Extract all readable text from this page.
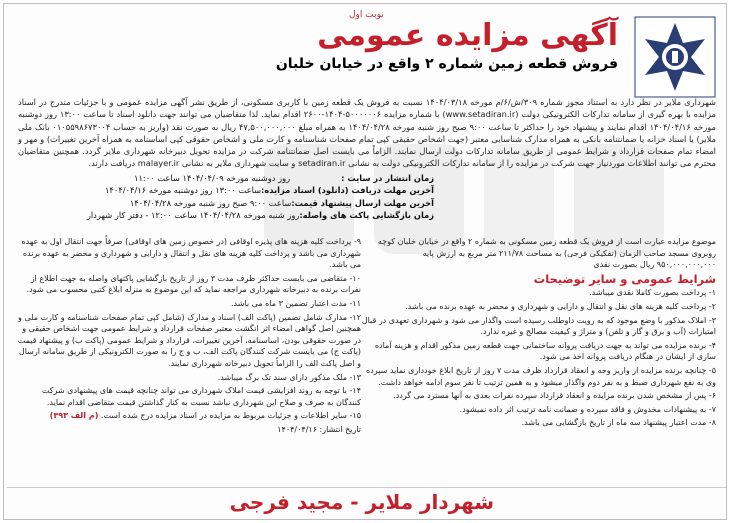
نوبت اول
آگهی مزایده عمومی
فروش قطعه زمین شماره ۲ واقع در خیابان خلبان
شهرداری ملایر در نظر دارد به استناد مجوز شماره ۳۰۹/ش/۶/م مورخه ۱۴۰۴/۰۳/۱۸ نسبت به فروش یک قطعه زمین با کاربری مسکونی، از طریق نشر آگهی مزایده عمومی و با جزئیات مندرج در اسناد مزایده با بهره گیری از سامانه تدارکات الکترونیکی دولت (www.setadiran.ir) با شماره مزایده ۵۰۰۰۰۰۰۶-۱۴۰۴-۲۶۰۰ اقدام نماید. لذا متقاضیان می توانند جهت دانلود اسناد تا ساعت ۱۳:۰۰ روز دوشنبه مورخه ۱۴۰۴/۰۴/۱۶ اقدام نمایند و پیشنهاد خود را حداکثر تا ساعت ۹:۰۰ صبح روز شنبه مورخه ۱۴۰۴/۰۴/۲۸ به همراه مبلغ ۴۷,۵۰۰,۰۰۰,۰۰۰ ریال به صورت نقد (واریز به حساب ۰۱۰۵۵۹۸۶۷۳۰۰۴ بانک ملی ملایر) یا اسناد خزانه یا ضمانتنامه بانکی به همراه مدارک شناسایی معتبر (جهت اشخاص حقیقی کپی تمام صفحات شناسنامه و کارت ملی و اشخاص حقوقی کپی اساسنامه به همراه آخرین تغییرات) و مهر و امضاء تمام صفحات قرارداد و شرایط عمومی از طریق سامانه تدارکات دولت ارسال نمایند. الزاماً می بایست اصل ضمانتنامه شرکت در مزایده تحویل دبیرخانه شهرداری ملایر گردد. همچنین متقاضیان محترم می توانند اطلاعات موردنیاز جهت شرکت در مزایده را از سامانه تدارکات الکترونیکی دولت به نشانی setadiran.ir و سایت شهرداری ملایر به نشانی malayer.ir دریافت دارند.
زمان انتشار در سایت :
روز دوشنبه مورخه ۱۴۰۴/۰۴/۰۹ ساعت ۱۱:۰۰
آخرین مهلت دریافت (دانلود) اسناد مزایده:
ساعت ۱۳:۰۰ روز دوشنبه مورخه ۱۴۰۴/۰۴/۱۶
آخرین مهلت ارسال پیشنهاد قیمت:
ساعت ۹:۰۰ صبح روز شنبه مورخه ۱۴۰۴/۰۴/۲۸
زمان بازگشایی پاکت های واصله:
روز شنبه مورخه ۱۴۰۴/۰۴/۲۸ ساعت ۱۲:۰۰ - دفتر کار شهردار

موضوع مزایده عبارت است از فروش یک قطعه زمین مسکونی به شماره ۲ واقع در خیابان خلبان کوچه روبروی مسجد صاحب الزمان (تفکیکی فرجی) به مساحت ۲۱۱/۷۸ متر مربع به ارزش پایه ۹۵۰,۰۰۰,۰۰۰,۰۰۰ ریال بصورت نقدی

شرایط عمومی و سایر توضیحات

۱- پرداخت بصورت کاملا نقدی میباشد.

۲- پرداخت کلیه هزینه های نقل و انتقال و دارایی و شهرداری و محضر به عهده برنده می باشد.

۳- املاک مذکور با وضع موجود که به رویت داوطلب رسیده است واگذار می شود و شهرداری تعهدی در قبال امتیازات (آب و برق و گاز و تلفن) و متراژ و کیفیت مصالح و غیره ندارد.

۴- برنده مزایده می تواند به جهت دریافت پروانه ساختمانی جهت قطعه زمین مذکور اقدام و هزینه آماده سازی از ایشان در هنگام دریافت پروانه اخذ می شود.

۵- چنانچه برنده مزایده از واریز وجه و انعقاد قرارداد ظرف مدت ۷ روز از تاریخ ابلاغ خودداری نماید سپرده وی به نفع شهرداری ضبط و به نفر دوم واگذار میشود و به همین ترتیب تا نفر سوم ادامه خواهد داشت.

۶- پس از مشخص شدن برنده مزایده و انعقاد قرارداد سپرده نفرات بعدی به آنها مسترد می گردد.

۷- به پیشنهادات مخدوش و فاقد سپرده و ضمانت نامه ترتیب اثر داده نمیشود.

۸- مدت اعتبار پیشنهاد سه ماه از تاریخ بازگشایی می باشد.

۹- پرداخت کلیه هزینه های پذیره اوقافی (در خصوص زمین های اوقافی) صرفاً جهت انتقال اول به عهده شهرداری می باشد و پرداخت کلیه هزینه های نقل و انتقال و دارایی و شهرداری و محضر به عهده برنده می باشد.

۱۰- متقاضی می بایست حداکثر ظرف مدت ۳ روز از تاریخ بازگشایی پاکتهای واصله به جهت اطلاع از نفرات برنده به دبیرخانه شهرداری مراجعه نماید که این موضوع به منزله ابلاغ کتبی محسوب می شود.

۱۱- مدت اعتبار تضمین ۳ ماه می باشد.

۱۲- مدارک شامل تضمین (پاکت الف) اسناد و مدارک (شامل کپی تمام صفحات شناسنامه و کارت ملی و همچنین اصل گواهی امضاء اثر انگشت معتبر صفحات قرارداد و شرایط عمومی جهت اشخاص حقیقی و در صورت حقوقی بودن، اساسنامه، آخرین تغییرات، قرارداد و شرایط عمومی (پاکت ب) و پیشنهاد قیمت (پاکت ج) می بایست شرکت کنندگان پاکت الف، ب و ج را به صورت الکترونیکی از طریق سامانه ارسال و اصل پاکت الف را الزاماً تحویل دبیرخانه شهرداری نمایند.

۱۳- ملک مذکور دارای سند تک برگ میباشد.

۱۴- با توجه به روند افزایشی قیمت املاک شهرداری می تواند چنانچه قیمت های پیشنهادی شرکت کنندگان به صرف و صلاح این شهرداری نباشد نسبت به کنار گذاشتن قیمت متقاضی اقدام نماید.

۱۵- سایر اطلاعات و جزئیات مربوط به مزایده در اسناد مزایده درج شده است. (م الف ۳۹۳)

تاریخ انتشار: ۱۴۰۴/۰۴/۱۶

شهردار ملایر - مجید فرجی
